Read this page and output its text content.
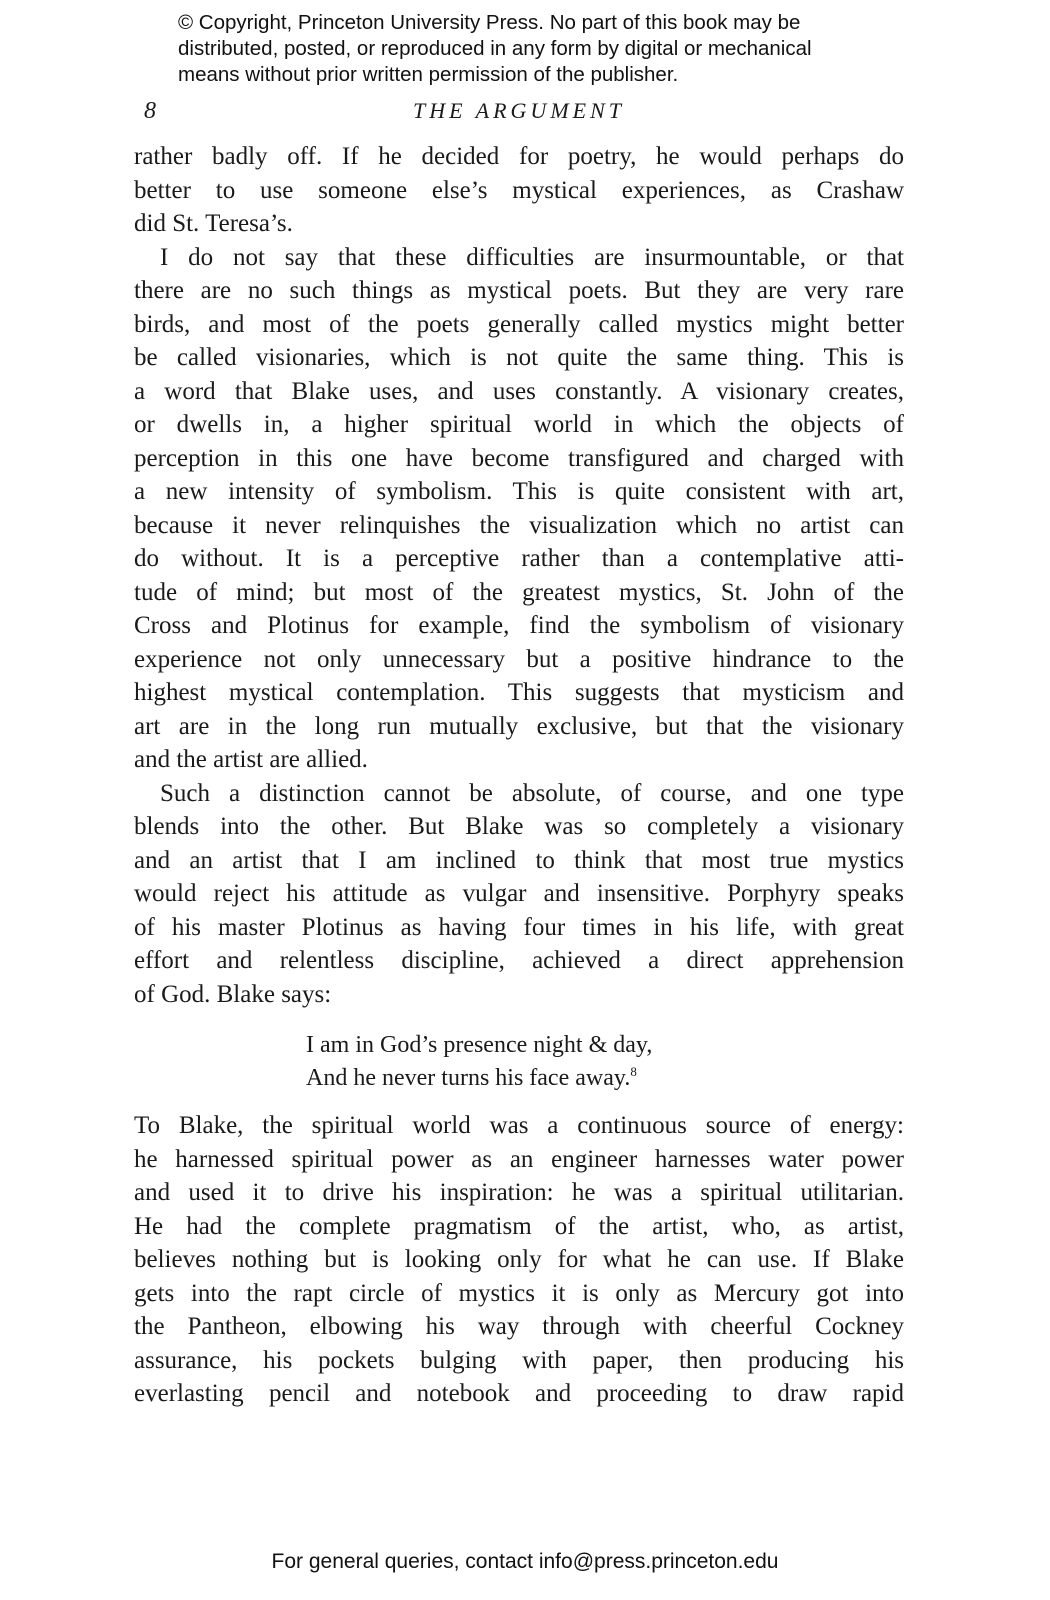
© Copyright, Princeton University Press. No part of this book may be
distributed, posted, or reproduced in any form by digital or mechanical
means without prior written permission of the publisher.
8	THE ARGUMENT
rather badly off. If he decided for poetry, he would perhaps do
better to use someone else’s mystical experiences, as Crashaw
did St. Teresa’s.
I do not say that these difficulties are insurmountable, or that
there are no such things as mystical poets. But they are very rare
birds, and most of the poets generally called mystics might better
be called visionaries, which is not quite the same thing. This is
a word that Blake uses, and uses constantly. A visionary creates,
or dwells in, a higher spiritual world in which the objects of
perception in this one have become transfigured and charged with
a new intensity of symbolism. This is quite consistent with art,
because it never relinquishes the visualization which no artist can
do without. It is a perceptive rather than a contemplative atti-
tude of mind; but most of the greatest mystics, St. John of the
Cross and Plotinus for example, find the symbolism of visionary
experience not only unnecessary but a positive hindrance to the
highest mystical contemplation. This suggests that mysticism and
art are in the long run mutually exclusive, but that the visionary
and the artist are allied.
Such a distinction cannot be absolute, of course, and one type
blends into the other. But Blake was so completely a visionary
and an artist that I am inclined to think that most true mystics
would reject his attitude as vulgar and insensitive. Porphyry speaks
of his master Plotinus as having four times in his life, with great
effort and relentless discipline, achieved a direct apprehension
of God. Blake says:
I am in God’s presence night & day,
And he never turns his face away.$^8$
To Blake, the spiritual world was a continuous source of energy:
he harnessed spiritual power as an engineer harnesses water power
and used it to drive his inspiration: he was a spiritual utilitarian.
He had the complete pragmatism of the artist, who, as artist,
believes nothing but is looking only for what he can use. If Blake
gets into the rapt circle of mystics it is only as Mercury got into
the Pantheon, elbowing his way through with cheerful Cockney
assurance, his pockets bulging with paper, then producing his
everlasting pencil and notebook and proceeding to draw rapid
For general queries, contact info@press.princeton.edu
